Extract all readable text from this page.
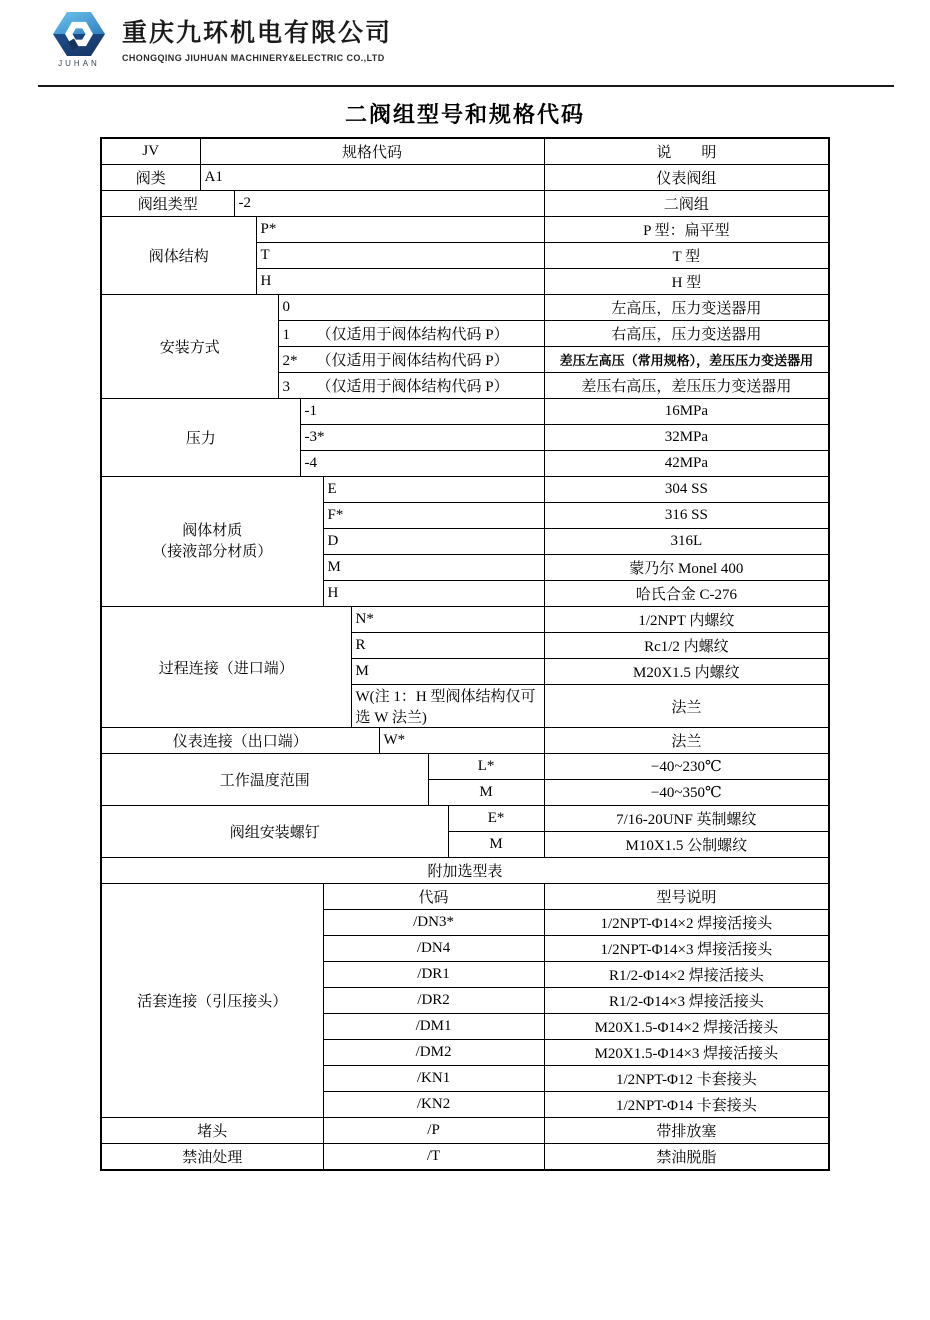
JUHAN
重庆九环机电有限公司
CHONGQING JIUHUAN MACHINERY&ELECTRIC CO.,LTD
二阀组型号和规格代码
JV	规格代码										说　　明
阀类	A1										仪表阀组
阀组类型		-2									二阀组
阀体结构			P*								P 型：扁平型
			T								T 型
			H								H 型
安装方式				0							左高压，压力变送器用
				1 （仅适用于阀体结构代码 P）							右高压，压力变送器用
				2* （仅适用于阀体结构代码 P）							差压左高压（常用规格），差压压力变送器用
				3 （仅适用于阀体结构代码 P）							差压右高压，差压压力变送器用
压力					-1						16MPa
					-3*						32MPa
					-4						42MPa

阀体材质
（接液部分材质）						E					304 SS
						F*					316 SS
						D					316L
						M					蒙乃尔 Monel 400
						H					哈氏合金 C-276
过程连接（进口端）							N*				1/2NPT 内螺纹
							R				Rc1/2 内螺纹
							M				M20X1.5 内螺纹
							W(注 1：H 型阀体结构仅可选 W 法兰)				法兰
仪表连接（出口端）								W*			法兰
工作温度范围									L*		−40~230℃
									M		−40~350℃
阀组安装螺钉										E*	7/16-20UNF 英制螺纹
										M	M10X1.5 公制螺纹
附加选型表											
活套连接（引压接头）						代码					型号说明
						/DN3*					1/2NPT-Φ14×2 焊接活接头
						/DN4					1/2NPT-Φ14×3 焊接活接头
						/DR1					R1/2-Φ14×2 焊接活接头
						/DR2					R1/2-Φ14×3 焊接活接头
						/DM1					M20X1.5-Φ14×2 焊接活接头
						/DM2					M20X1.5-Φ14×3 焊接活接头
						/KN1					1/2NPT-Φ12 卡套接头
						/KN2					1/2NPT-Φ14 卡套接头
堵头						/P					带排放塞
禁油处理						/T					禁油脱脂
